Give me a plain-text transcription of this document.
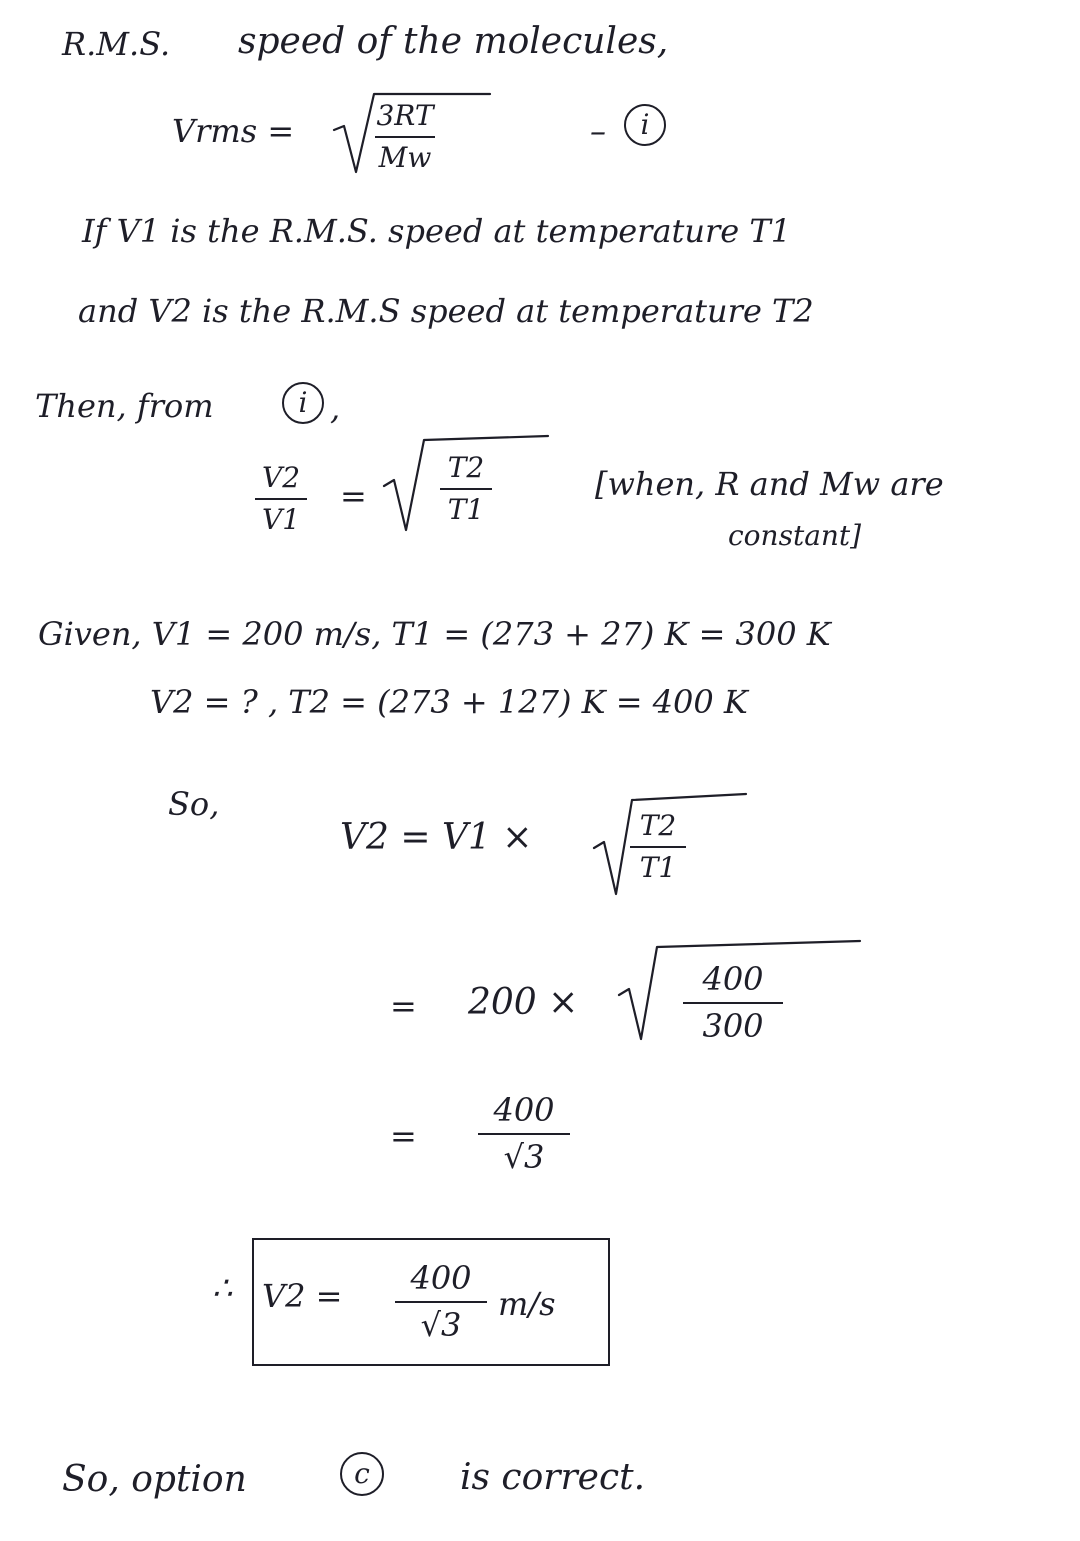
R.M.S. speed of the molecules,
Vrms =	3RT
Mw
–	i
If V1 is the R.M.S. speed at temperature T1
and V2 is the R.M.S speed at temperature T2
Then, from	i ,
V2
V1
=
T2
T1
[when, R and Mw are
constant]
Given, V1 = 200 m/s, T1 = (273 + 27) K = 300 K
V2 = ? , T2 = (273 + 127) K = 400 K
So,
V2 = V1 ×	T2
T1
= 200 ×
400
300
=
400
√3
∴ V2 =	400
√3
m/s
So, option	c	is correct.
